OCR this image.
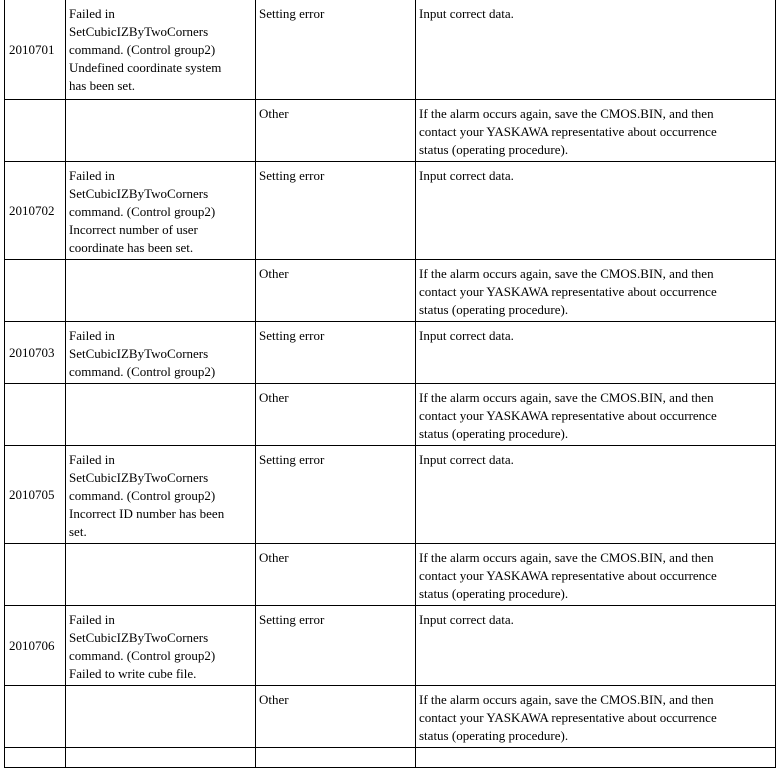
2010701	Failed in
SetCubicIZByTwoCorners
command. (Control group2)
Undefined coordinate system
has been set.	Setting error	Input correct data.
		Other	If the alarm occurs again, save the CMOS.BIN, and then
contact your YASKAWA representative about occurrence
status (operating procedure).
2010702	Failed in
SetCubicIZByTwoCorners
command. (Control group2)
Incorrect number of user
coordinate has been set.	Setting error	Input correct data.
		Other	If the alarm occurs again, save the CMOS.BIN, and then
contact your YASKAWA representative about occurrence
status (operating procedure).
2010703	Failed in
SetCubicIZByTwoCorners
command. (Control group2)	Setting error	Input correct data.
		Other	If the alarm occurs again, save the CMOS.BIN, and then
contact your YASKAWA representative about occurrence
status (operating procedure).
2010705	Failed in
SetCubicIZByTwoCorners
command. (Control group2)
Incorrect ID number has been
set.	Setting error	Input correct data.
		Other	If the alarm occurs again, save the CMOS.BIN, and then
contact your YASKAWA representative about occurrence
status (operating procedure).
2010706	Failed in
SetCubicIZByTwoCorners
command. (Control group2)
Failed to write cube file.	Setting error	Input correct data.
		Other	If the alarm occurs again, save the CMOS.BIN, and then
contact your YASKAWA representative about occurrence
status (operating procedure).
